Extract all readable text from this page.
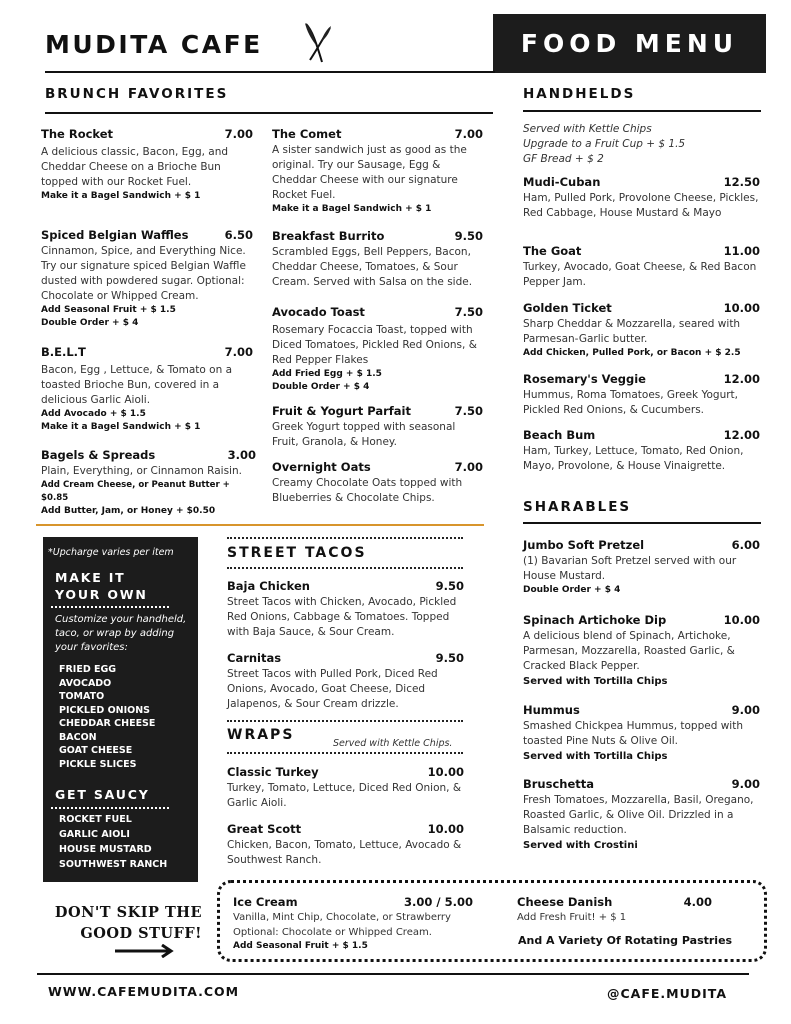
MUDITA CAFE	FOOD MENU
BRUNCH FAVORITES
The Rocket	7.00
A delicious classic, Bacon, Egg, and Cheddar Cheese on a Brioche Bun topped with our Rocket Fuel.
Make it a Bagel Sandwich + $ 1
Spiced Belgian Waffles	6.50
Cinnamon, Spice, and Everything Nice. Try our signature spiced Belgian Waffle dusted with powdered sugar. Optional: Chocolate or Whipped Cream.
Add Seasonal Fruit + $ 1.5
Double Order + $ 4
B.E.L.T	7.00
Bacon, Egg , Lettuce, & Tomato on a toasted Brioche Bun, covered in a delicious Garlic Aioli.
Add Avocado + $ 1.5
Make it a Bagel Sandwich + $ 1
Bagels & Spreads	3.00
Plain, Everything, or Cinnamon Raisin.
Add Cream Cheese, or Peanut Butter + $0.85
Add Butter, Jam, or Honey + $0.50
The Comet	7.00
A sister sandwich just as good as the original. Try our Sausage, Egg & Cheddar Cheese with our signature Rocket Fuel.
Make it a Bagel Sandwich + $ 1
Breakfast Burrito	9.50
Scrambled Eggs, Bell Peppers, Bacon, Cheddar Cheese, Tomatoes, & Sour Cream. Served with Salsa on the side.
Avocado Toast	7.50
Rosemary Focaccia Toast, topped with Diced Tomatoes, Pickled Red Onions, & Red Pepper Flakes
Add Fried Egg + $ 1.5
Double Order + $ 4
Fruit & Yogurt Parfait	7.50
Greek Yogurt topped with seasonal Fruit, Granola, & Honey.
Overnight Oats	7.00
Creamy Chocolate Oats topped with Blueberries & Chocolate Chips.
HANDHELDS
Served with Kettle Chips
Upgrade to a Fruit Cup + $ 1.5
GF Bread + $ 2
Mudi-Cuban	12.50
Ham, Pulled Pork, Provolone Cheese, Pickles, Red Cabbage, House Mustard & Mayo
The Goat	11.00
Turkey, Avocado, Goat Cheese, & Red Bacon Pepper Jam.
Golden Ticket	10.00
Sharp Cheddar & Mozzarella, seared with Parmesan-Garlic butter.
Add Chicken, Pulled Pork, or Bacon + $ 2.5
Rosemary's Veggie	12.00
Hummus, Roma Tomatoes, Greek Yogurt, Pickled Red Onions, & Cucumbers.
Beach Bum	12.00
Ham, Turkey, Lettuce, Tomato, Red Onion, Mayo, Provolone, & House Vinaigrette.
SHARABLES
Jumbo Soft Pretzel	6.00
(1) Bavarian Soft Pretzel served with our House Mustard.
Double Order + $ 4
Spinach Artichoke Dip	10.00
A delicious blend of Spinach, Artichoke, Parmesan, Mozzarella, Roasted Garlic, & Cracked Black Pepper.
Served with Tortilla Chips
Hummus	9.00
Smashed Chickpea Hummus, topped with toasted Pine Nuts & Olive Oil.
Served with Tortilla Chips
Bruschetta	9.00
Fresh Tomatoes, Mozzarella, Basil, Oregano, Roasted Garlic, & Olive Oil. Drizzled in a Balsamic reduction.
Served with Crostini
*Upcharge varies per item
MAKE IT
YOUR OWN
Customize your handheld, taco, or wrap by adding your favorites:
FRIED EGG
AVOCADO
TOMATO
PICKLED ONIONS
CHEDDAR CHEESE
BACON
GOAT CHEESE
PICKLE SLICES
GET SAUCY
ROCKET FUEL
GARLIC AIOLI
HOUSE MUSTARD
SOUTHWEST RANCH
STREET TACOS
Baja Chicken	9.50
Street Tacos with Chicken, Avocado, Pickled Red Onions, Cabbage & Tomatoes. Topped with Baja Sauce, & Sour Cream.
Carnitas	9.50
Street Tacos with Pulled Pork, Diced Red Onions, Avocado, Goat Cheese, Diced Jalapenos, & Sour Cream drizzle.
WRAPS
Served with Kettle Chips.
Classic Turkey	10.00
Turkey, Tomato, Lettuce, Diced Red Onion, & Garlic Aioli.
Great Scott	10.00
Chicken, Bacon, Tomato, Lettuce, Avocado & Southwest Ranch.
DON'T SKIP THE
GOOD STUFF!
Ice Cream	3.00 / 5.00
Vanilla, Mint Chip, Chocolate, or Strawberry
Optional: Chocolate or Whipped Cream.
Add Seasonal Fruit + $ 1.5
Cheese Danish	4.00
Add Fresh Fruit! + $ 1
And A Variety Of Rotating Pastries
WWW.CAFEMUDITA.COM	@CAFE.MUDITA
